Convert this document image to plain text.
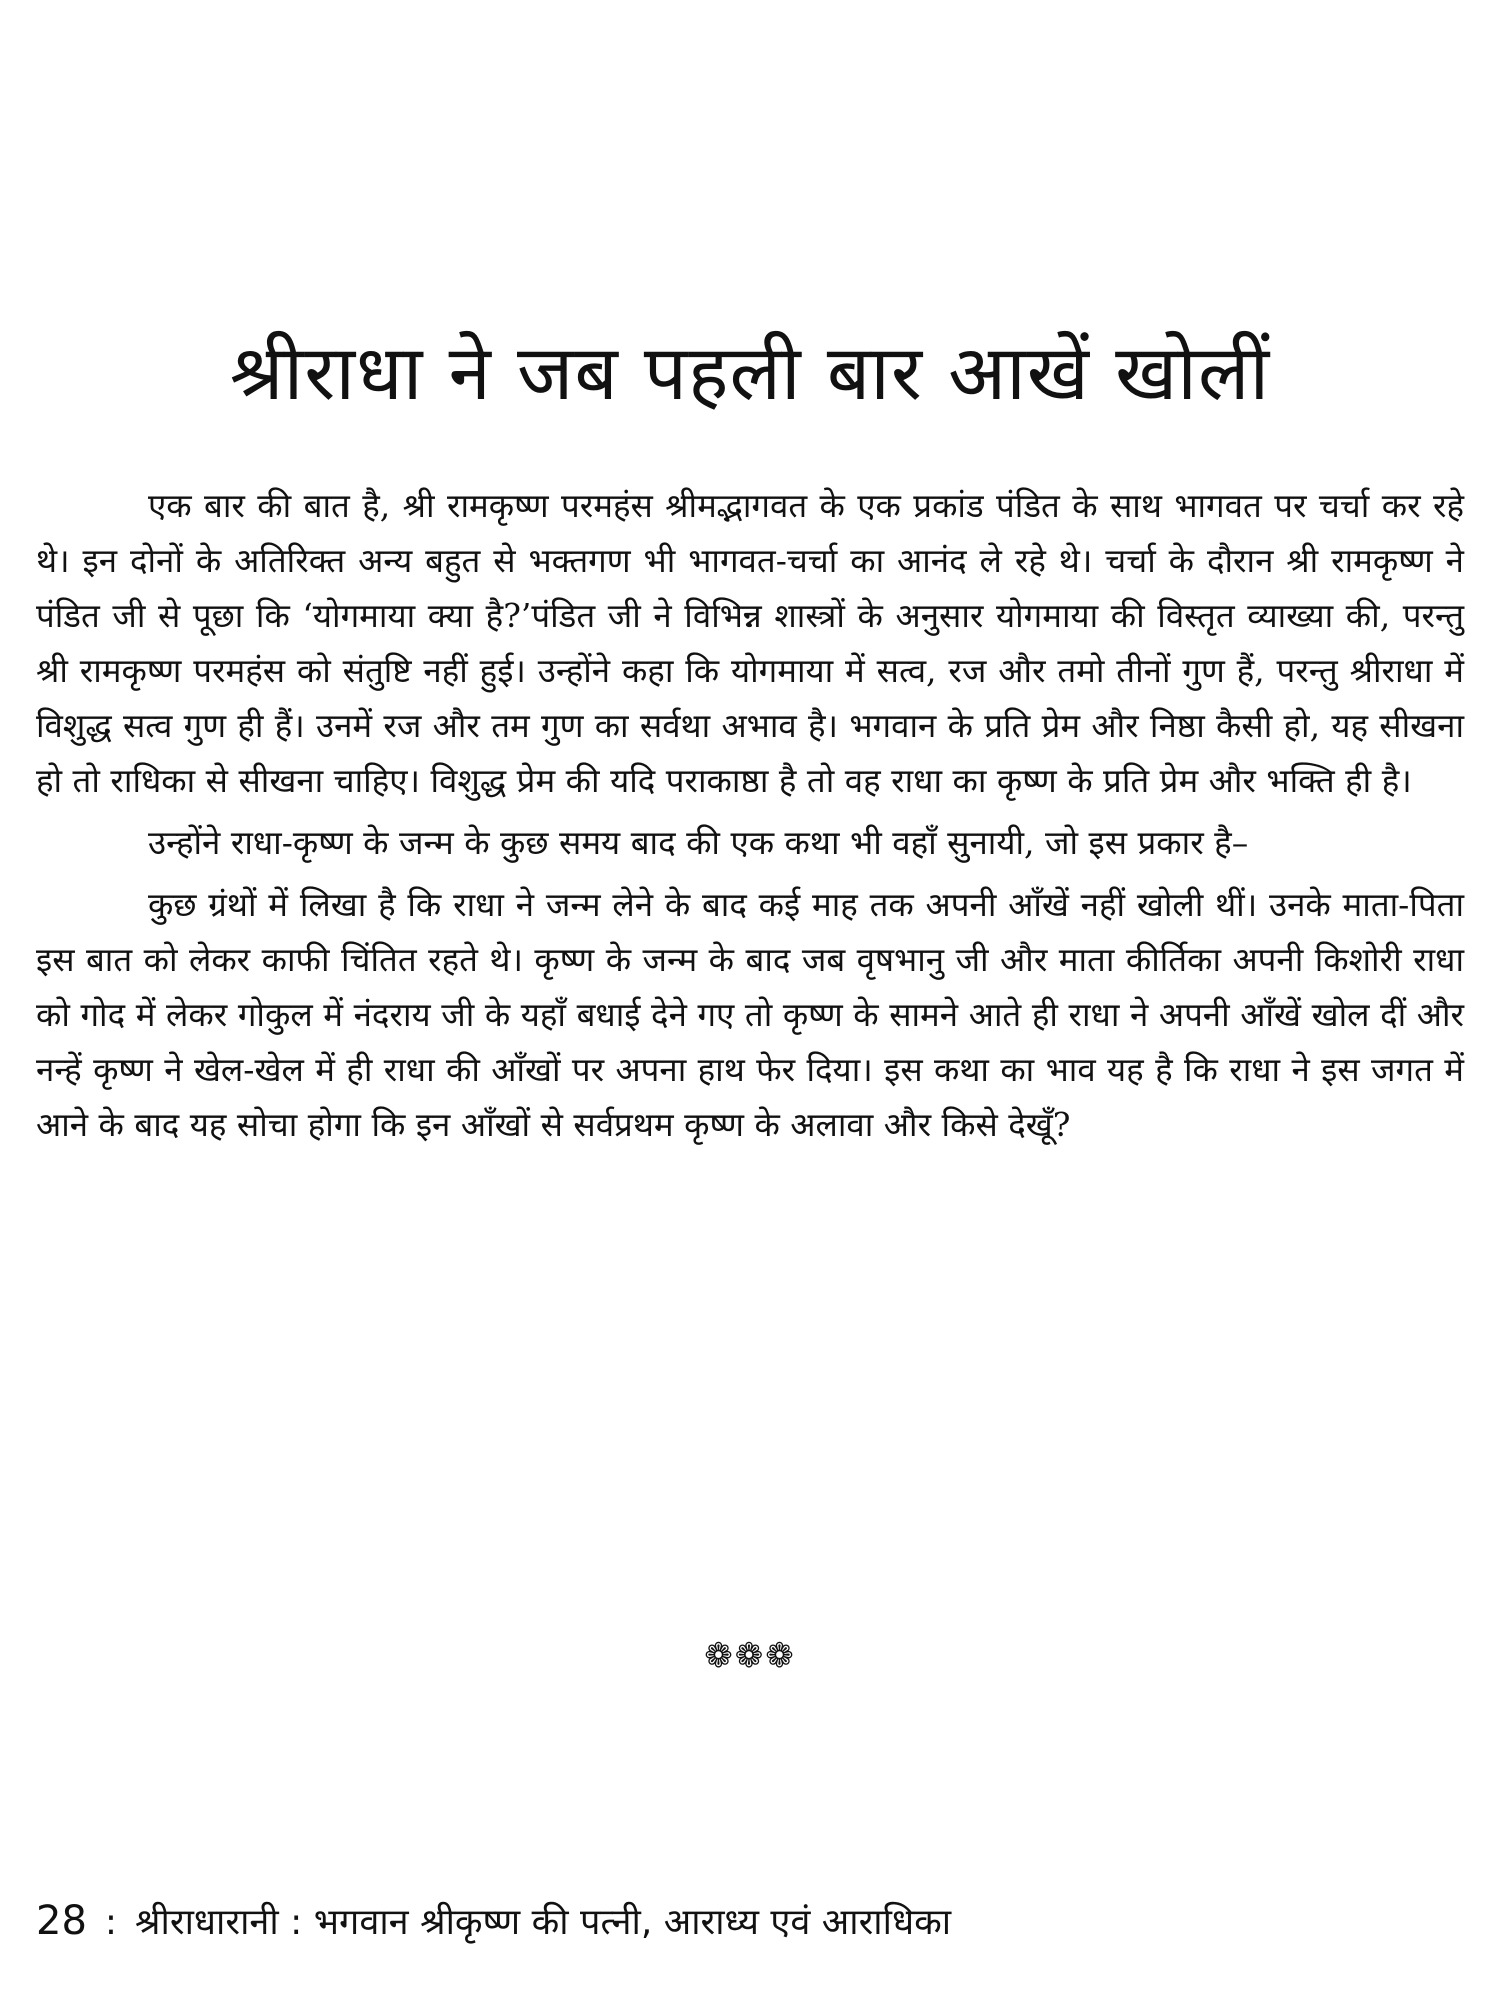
श्रीराधा ने जब पहली बार आखें खोलीं

एक बार की बात है, श्री रामकृष्ण परमहंस श्रीमद्भागवत के एक प्रकांड पंडित के साथ भागवत पर चर्चा कर रहे थे। इन दोनों के अतिरिक्त अन्य बहुत से भक्तगण भी भागवत-चर्चा का आनंद ले रहे थे। चर्चा के दौरान श्री रामकृष्ण ने पंडित जी से पूछा कि ‘योगमाया क्या है?’पंडित जी ने विभिन्न शास्त्रों के अनुसार योगमाया की विस्तृत व्याख्या की, परन्तु श्री रामकृष्ण परमहंस को संतुष्टि नहीं हुई। उन्होंने कहा कि योगमाया में सत्व, रज और तमो तीनों गुण हैं, परन्तु श्रीराधा में विशुद्ध सत्व गुण ही हैं। उनमें रज और तम गुण का सर्वथा अभाव है। भगवान के प्रति प्रेम और निष्ठा कैसी हो, यह सीखना हो तो राधिका से सीखना चाहिए। विशुद्ध प्रेम की यदि पराकाष्ठा है तो वह राधा का कृष्ण के प्रति प्रेम और भक्ति ही है।

उन्होंने राधा-कृष्ण के जन्म के कुछ समय बाद की एक कथा भी वहाँ सुनायी, जो इस प्रकार है–

कुछ ग्रंथों में लिखा है कि राधा ने जन्म लेने के बाद कई माह तक अपनी आँखें नहीं खोली थीं। उनके माता-पिता इस बात को लेकर काफी चिंतित रहते थे। कृष्ण के जन्म के बाद जब वृषभानु जी और माता कीर्तिका अपनी किशोरी राधा को गोद में लेकर गोकुल में नंदराय जी के यहाँ बधाई देने गए तो कृष्ण के सामने आते ही राधा ने अपनी आँखें खोल दीं और नन्हें कृष्ण ने खेल-खेल में ही राधा की आँखों पर अपना हाथ फेर दिया। इस कथा का भाव यह है कि राधा ने इस जगत में आने के बाद यह सोचा होगा कि इन आँखों से सर्वप्रथम कृष्ण के अलावा और किसे देखूँ?

❁❁❁
28 : श्रीराधारानी : भगवान श्रीकृष्ण की पत्नी, आराध्य एवं आराधिका
